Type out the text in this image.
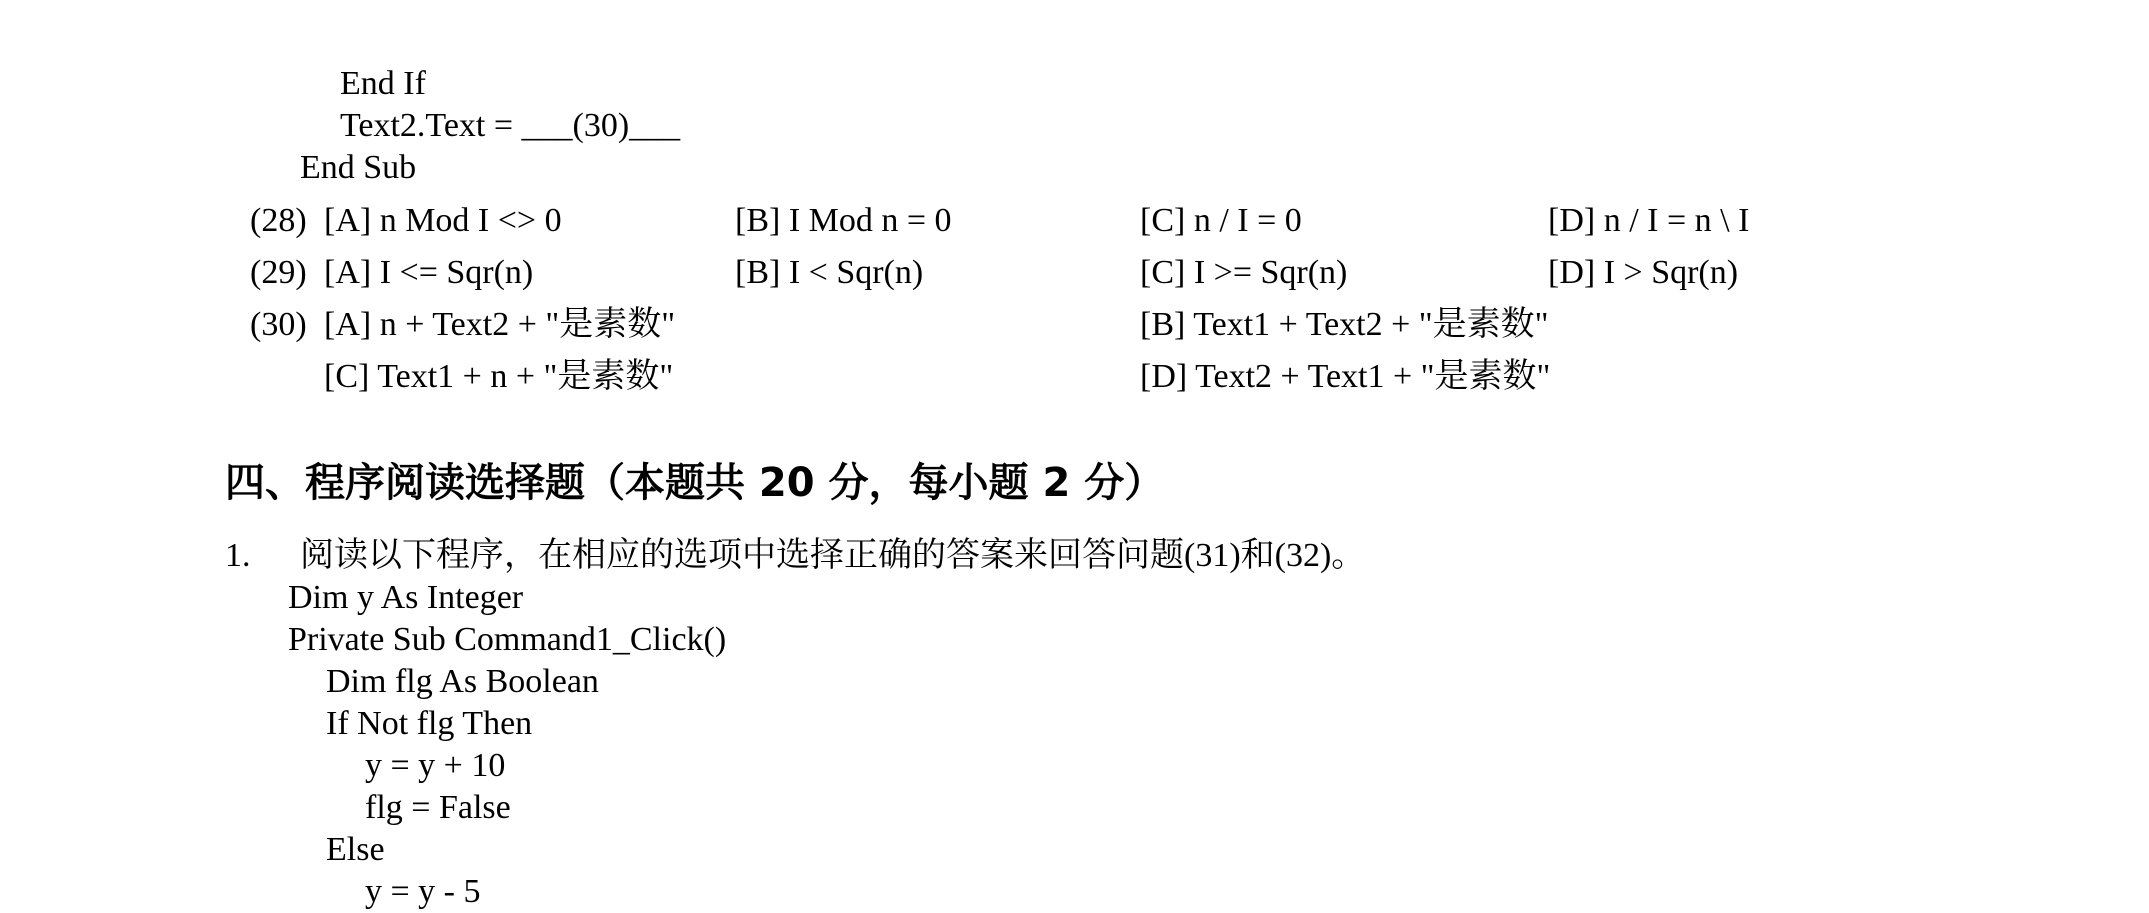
End If
Text2.Text = ___(30)___
End Sub
(28) [A] n Mod I <> 0	[B] I Mod n = 0	[C] n / I = 0	[D] n / I = n \ I
(29) [A] I <= Sqr(n)	[B] I < Sqr(n)	[C] I >= Sqr(n)	[D] I > Sqr(n)
(30) [A] n + Text2 + "是素数"	[B] Text1 + Text2 + "是素数"
[C] Text1 + n + "是素数"	[D] Text2 + Text1 + "是素数"
四、程序阅读选择题（本题共 20 分，每小题 2 分）
1. 阅读以下程序，在相应的选项中选择正确的答案来回答问题(31)和(32)。
Dim y As Integer
Private Sub Command1_Click()
Dim flg As Boolean
If Not flg Then
y = y + 10
flg = False
Else
y = y - 5
